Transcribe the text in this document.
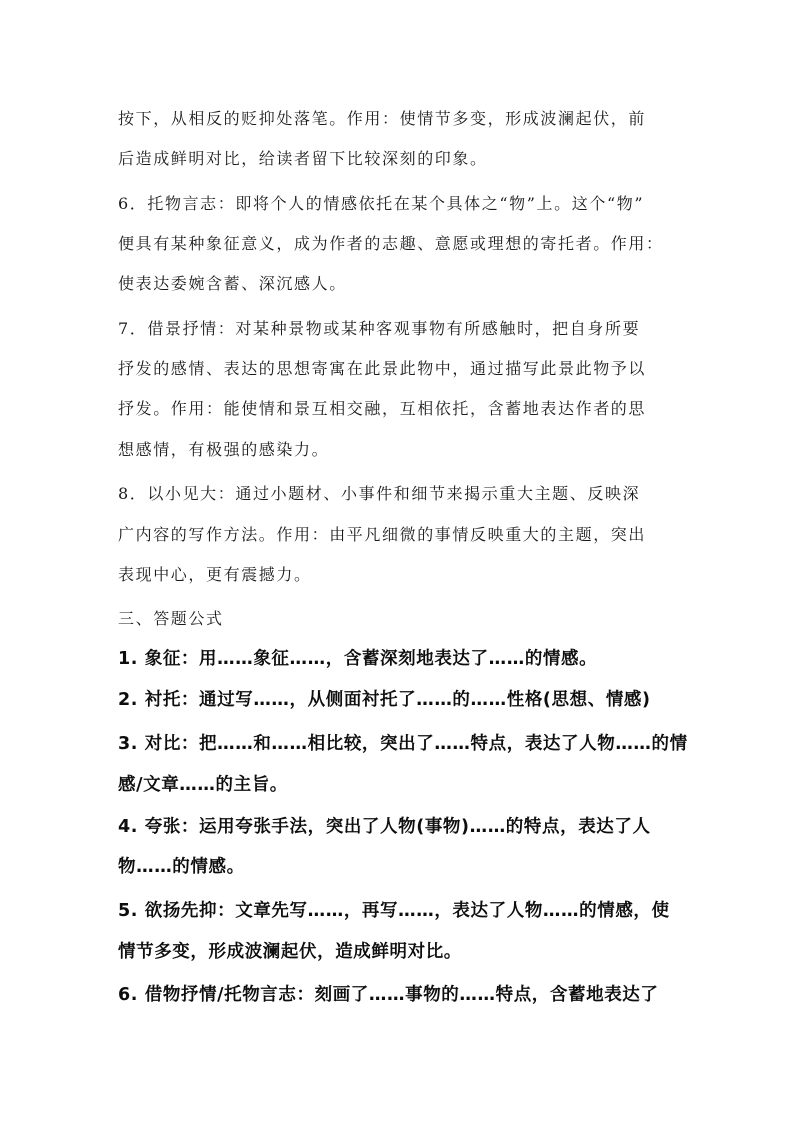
按下，从相反的贬抑处落笔。作用：使情节多变，形成波澜起伏，前
后造成鲜明对比，给读者留下比较深刻的印象。
6．托物言志：即将个人的情感依托在某个具体之“物”上。这个“物”
便具有某种象征意义，成为作者的志趣、意愿或理想的寄托者。作用：
使表达委婉含蓄、深沉感人。
7．借景抒情：对某种景物或某种客观事物有所感触时，把自身所要
抒发的感情、表达的思想寄寓在此景此物中，通过描写此景此物予以
抒发。作用：能使情和景互相交融，互相依托，含蓄地表达作者的思
想感情，有极强的感染力。
8．以小见大：通过小题材、小事件和细节来揭示重大主题、反映深
广内容的写作方法。作用：由平凡细微的事情反映重大的主题，突出
表现中心，更有震撼力。
三、答题公式
1. 象征：用……象征……，含蓄深刻地表达了……的情感。
2. 衬托：通过写……，从侧面衬托了……的……性格(思想、情感)
3. 对比：把……和……相比较，突出了……特点，表达了人物……的情
感/文章……的主旨。
4. 夸张：运用夸张手法，突出了人物(事物)……的特点，表达了人
物……的情感。
5. 欲扬先抑：文章先写……，再写……，表达了人物……的情感，使
情节多变，形成波澜起伏，造成鲜明对比。
6. 借物抒情/托物言志：刻画了……事物的……特点，含蓄地表达了
